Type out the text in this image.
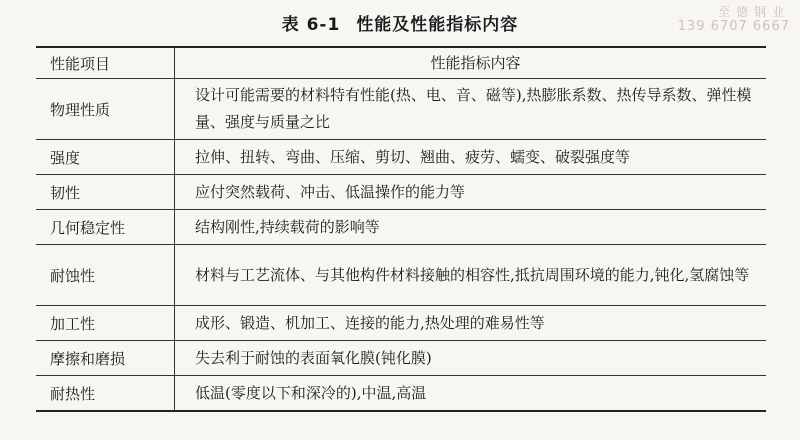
至德钢业
139 6707 6667
表 6-1 性能及性能指标内容
性能项目	性能指标内容
物理性质	设计可能需要的材料特有性能(热、电、音、磁等),热膨胀系数、热传导系数、弹性模量、强度与质量之比
强度	拉伸、扭转、弯曲、压缩、剪切、翘曲、疲劳、蠕变、破裂强度等
韧性	应付突然载荷、冲击、低温操作的能力等
几何稳定性	结构刚性,持续载荷的影响等
耐蚀性	材料与工艺流体、与其他构件材料接触的相容性,抵抗周围环境的能力,钝化,氢腐蚀等
加工性	成形、锻造、机加工、连接的能力,热处理的难易性等
摩擦和磨损	失去利于耐蚀的表面氧化膜(钝化膜)
耐热性	低温(零度以下和深冷的),中温,高温
